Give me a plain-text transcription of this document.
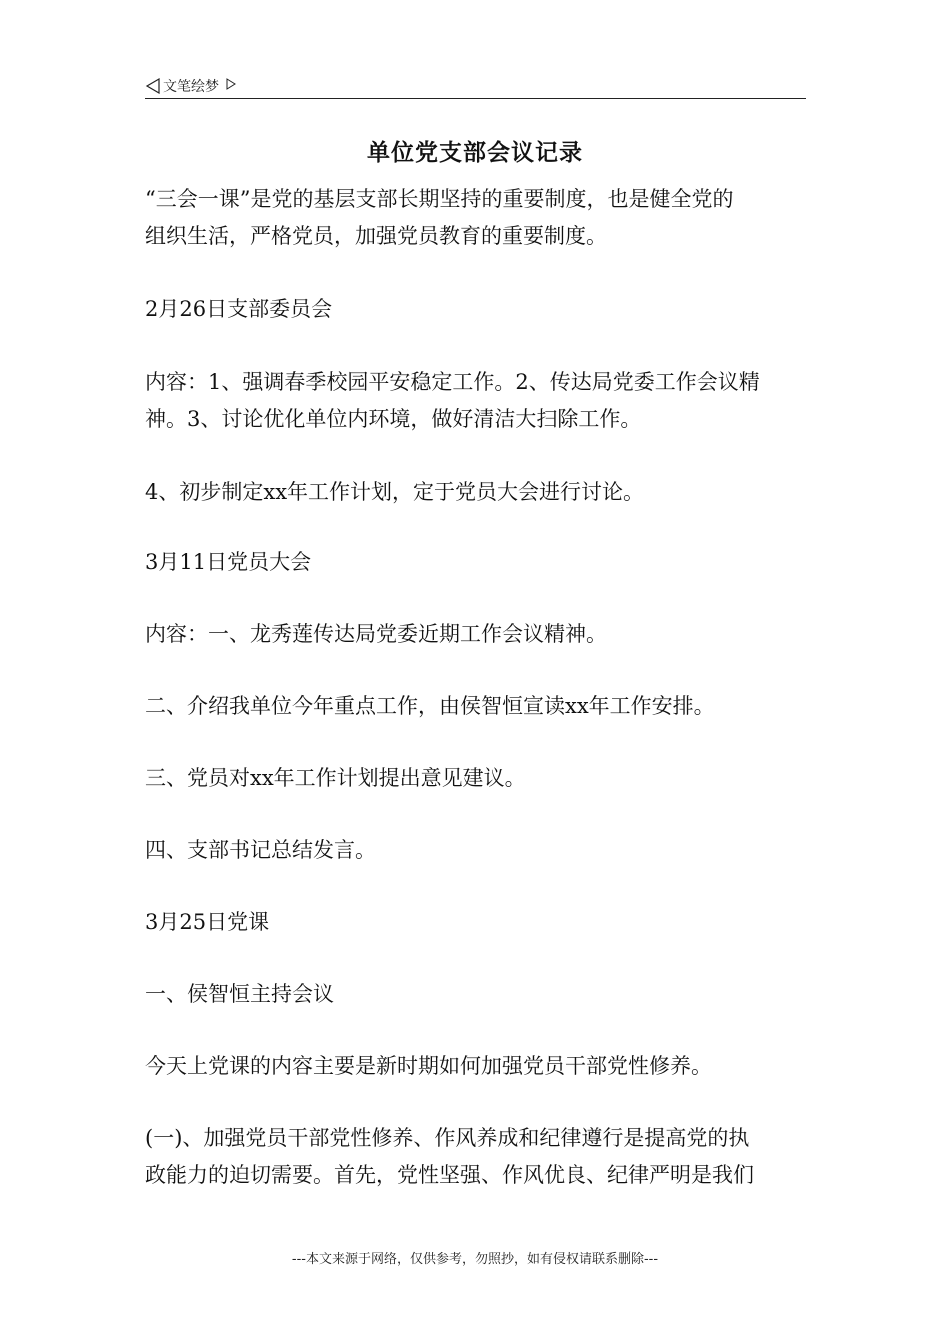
文笔绘梦
单位党支部会议记录
“三会一课”是党的基层支部长期坚持的重要制度，也是健全党的
组织生活，严格党员，加强党员教育的重要制度。
2月26日支部委员会
内容：1、强调春季校园平安稳定工作。2、传达局党委工作会议精
神。3、讨论优化单位内环境，做好清洁大扫除工作。
4、初步制定xx年工作计划，定于党员大会进行讨论。
3月11日党员大会
内容：一、龙秀莲传达局党委近期工作会议精神。
二、介绍我单位今年重点工作，由侯智恒宣读xx年工作安排。
三、党员对xx年工作计划提出意见建议。
四、支部书记总结发言。
3月25日党课
一、侯智恒主持会议
今天上党课的内容主要是新时期如何加强党员干部党性修养。
(一)、加强党员干部党性修养、作风养成和纪律遵行是提高党的执
政能力的迫切需要。首先，党性坚强、作风优良、纪律严明是我们
---本文来源于网络，仅供参考，勿照抄，如有侵权请联系删除---
